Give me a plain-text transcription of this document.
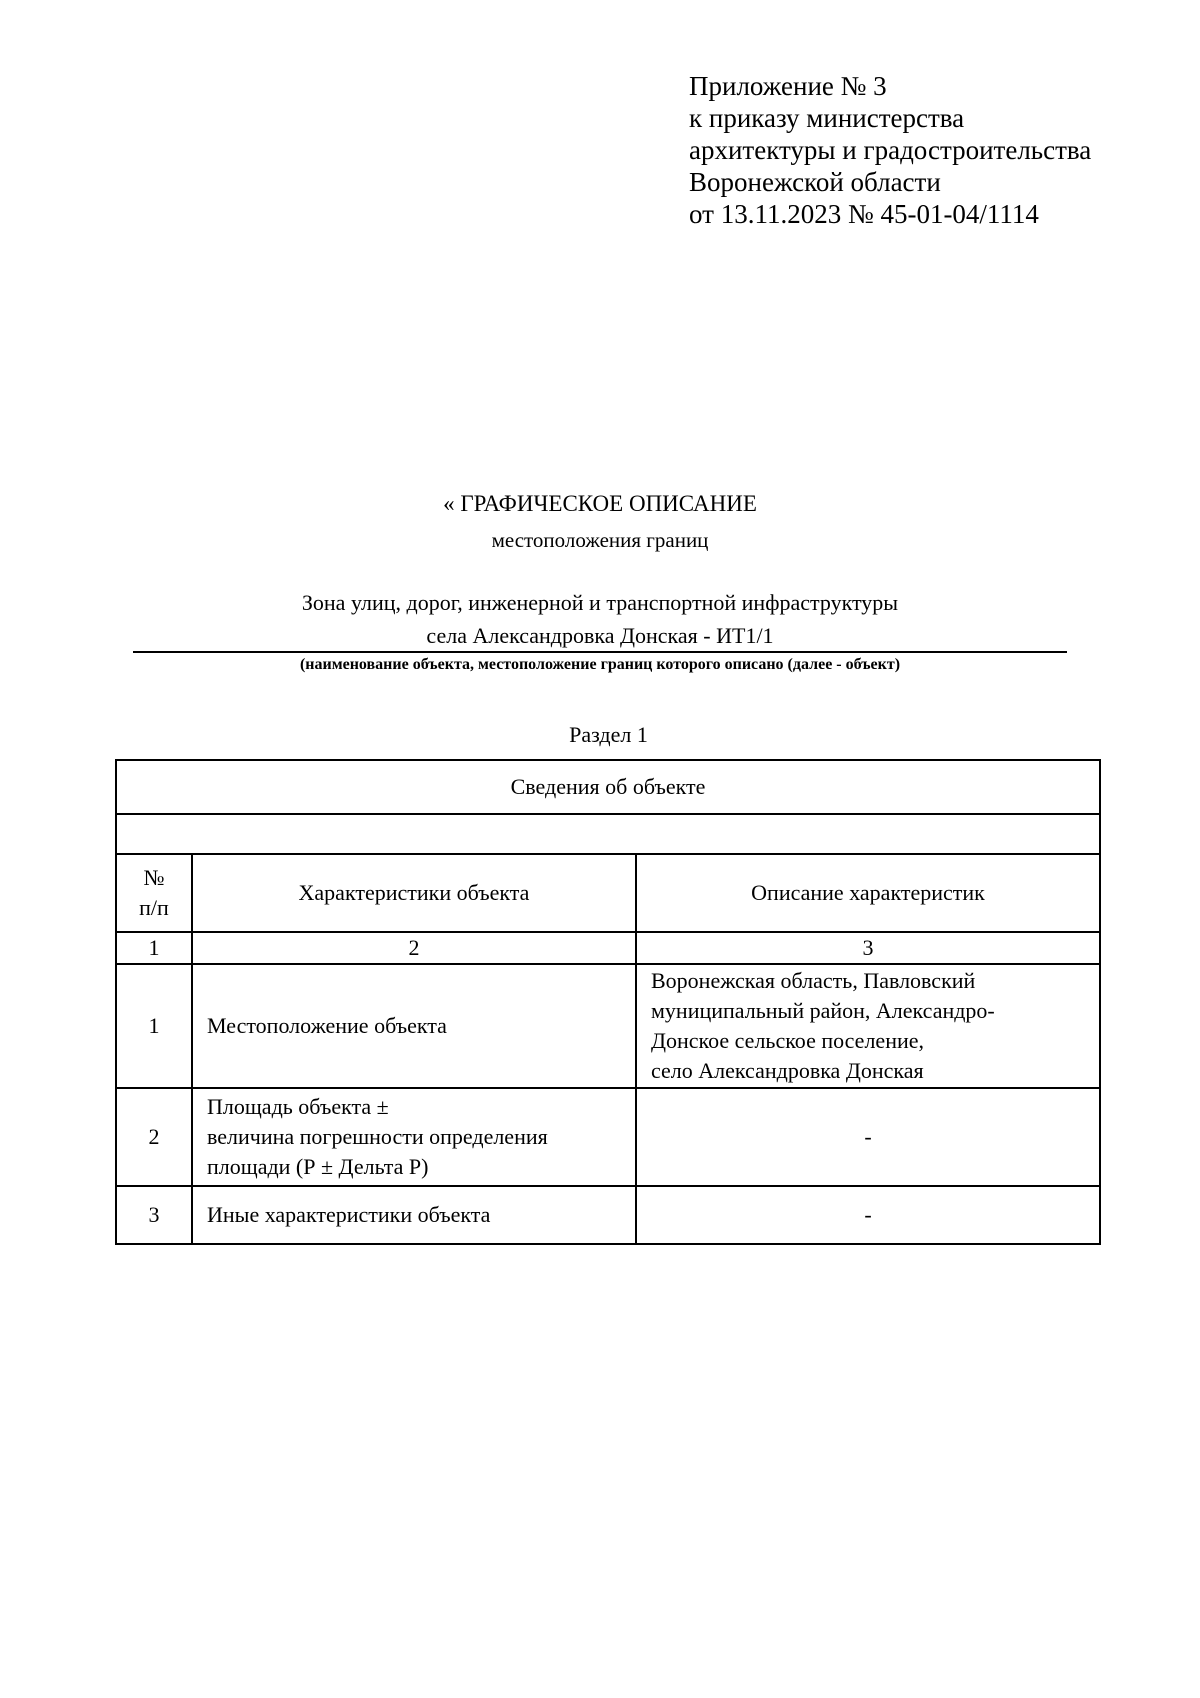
Приложение № 3
к приказу министерства
архитектуры и градостроительства
Воронежской области
от 13.11.2023 № 45-01-04/1114
« ГРАФИЧЕСКОЕ ОПИСАНИЕ
местоположения границ
Зона улиц, дорог, инженерной и транспортной инфраструктуры
села Александровка Донская - ИТ1/1
(наименование объекта, местоположение границ которого описано (далее - объект)
Раздел 1
Сведения об объекте		

№
п/п	Характеристики объекта	Описание характеристик
1	2	3
1	Местоположение объекта	Воронежская область, Павловский
муниципальный район, Александро-
Донское сельское поселение,
село Александровка Донская

2	Площадь объекта ±
величина погрешности определения
площади (Р ± Дельта Р)	-

3	Иные характеристики объекта	-
